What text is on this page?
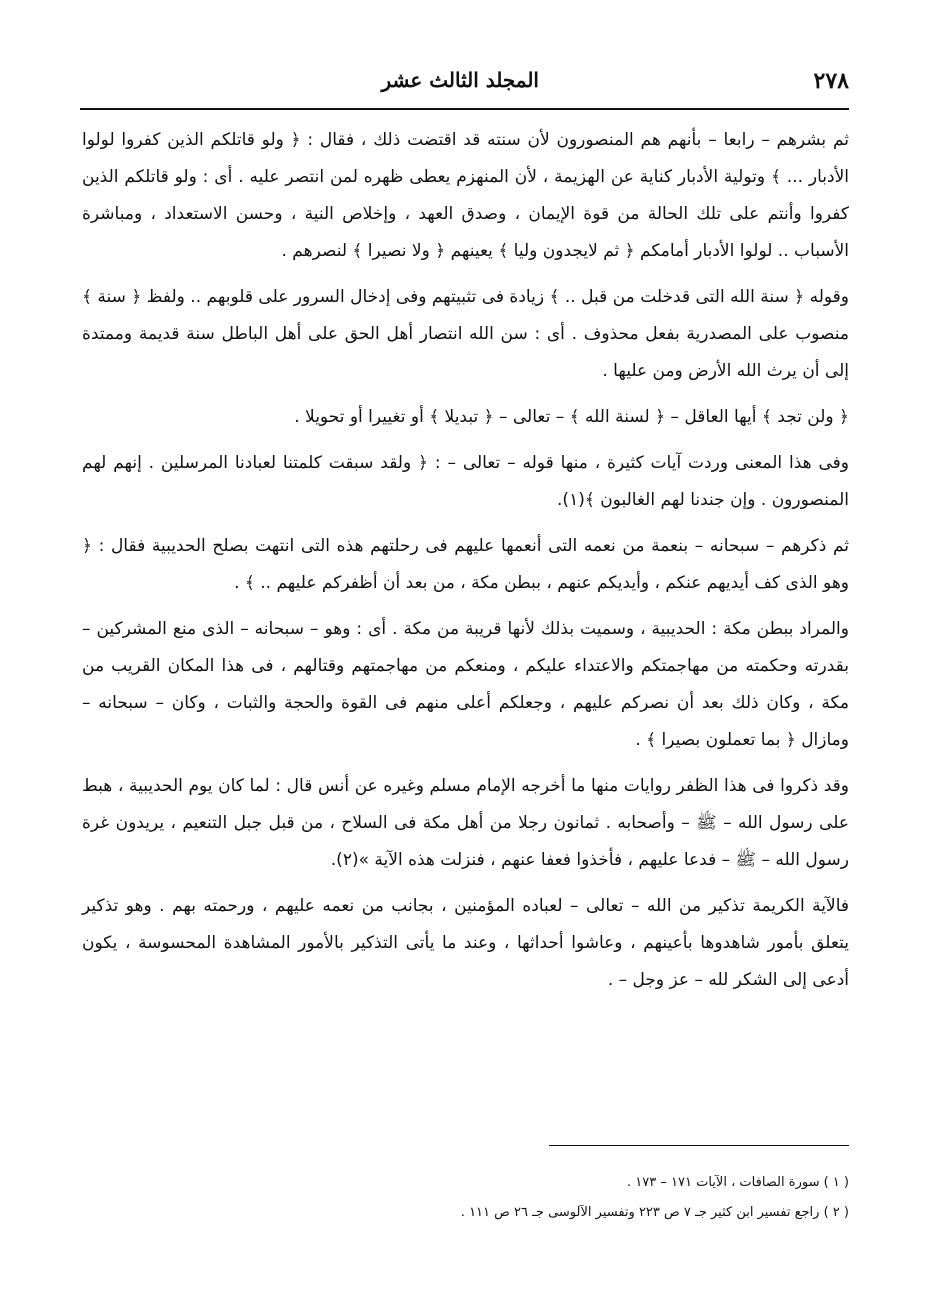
٢٧٨
المجلد الثالث عشر

ثم بشرهم – رابعا – بأنهم هم المنصورون لأن سنته قد اقتضت ذلك ، فقال : ﴿ ولو قاتلكم الذين كفروا لولوا الأدبار ... ﴾ وتولية الأدبار كناية عن الهزيمة ، لأن المنهزم يعطى ظهره لمن انتصر عليه . أى : ولو قاتلكم الذين كفروا وأنتم على تلك الحالة من قوة الإيمان ، وصدق العهد ، وإخلاص النية ، وحسن الاستعداد ، ومباشرة الأسباب .. لولوا الأدبار أمامكم ﴿ ثم لايجدون وليا ﴾ يعينهم ﴿ ولا نصيرا ﴾ لنصرهم .

وقوله ﴿ سنة الله التى قدخلت من قبل .. ﴾ زيادة فى تثبيتهم وفى إدخال السرور على قلوبهم .. ولفظ ﴿ سنة ﴾ منصوب على المصدرية بفعل محذوف . أى : سن الله انتصار أهل الحق على أهل الباطل سنة قديمة وممتدة إلى أن يرث الله الأرض ومن عليها .

﴿ ولن تجد ﴾ أيها العاقل – ﴿ لسنة الله ﴾ – تعالى – ﴿ تبديلا ﴾ أو تغييرا أو تحويلا .

وفى هذا المعنى وردت آيات كثيرة ، منها قوله – تعالى – : ﴿ ولقد سبقت كلمتنا لعبادنا المرسلين . إنهم لهم المنصورون . وإن جندنا لهم الغالبون ﴾(١).

ثم ذكرهم – سبحانه – بنعمة من نعمه التى أنعمها عليهم فى رحلتهم هذه التى انتهت بصلح الحديبية فقال : ﴿ وهو الذى كف أيديهم عنكم ، وأيديكم عنهم ، ببطن مكة ، من بعد أن أظفركم عليهم .. ﴾ .

والمراد ببطن مكة : الحديبية ، وسميت بذلك لأنها قريبة من مكة . أى : وهو – سبحانه – الذى منع المشركين – بقدرته وحكمته من مهاجمتكم والاعتداء عليكم ، ومنعكم من مهاجمتهم وقتالهم ، فى هذا المكان القريب من مكة ، وكان ذلك بعد أن نصركم عليهم ، وجعلكم أعلى منهم فى القوة والحجة والثبات ، وكان – سبحانه – ومازال ﴿ بما تعملون بصيرا ﴾ .

وقد ذكروا فى هذا الظفر روايات منها ما أخرجه الإمام مسلم وغيره عن أنس قال : لما كان يوم الحديبية ، هبط على رسول الله – ﷺ – وأصحابه . ثمانون رجلا من أهل مكة فى السلاح ، من قبل جبل التنعيم ، يريدون غرة رسول الله – ﷺ – فدعا عليهم ، فأخذوا فعفا عنهم ، فنزلت هذه الآية »(٢).

فالآية الكريمة تذكير من الله – تعالى – لعباده المؤمنين ، بجانب من نعمه عليهم ، ورحمته بهم . وهو تذكير يتعلق بأمور شاهدوها بأعينهم ، وعاشوا أحداثها ، وعند ما يأتى التذكير بالأمور المشاهدة المحسوسة ، يكون أدعى إلى الشكر لله – عز وجل – .

( ١ ) سورة الصافات ، الآيات ١٧١ – ١٧٣ .

( ٢ ) راجع تفسير ابن كثير جـ ٧ ص ٢٢٣ وتفسير الآلوسى جـ ٢٦ ص ١١١ .
